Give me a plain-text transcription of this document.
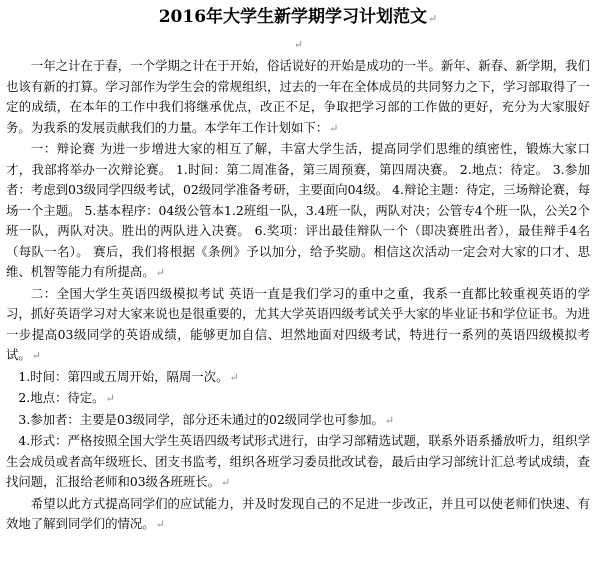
2016年大学生新学期学习计划范文↵
↵

一年之计在于春，一个学期之计在于开始，俗话说好的开始是成功的一半。新年、新春、新学期，我们也该有新的打算。学习部作为学生会的常规组织，过去的一年在全体成员的共同努力之下，学习部取得了一定的成绩，在本年的工作中我们将继承优点，改正不足，争取把学习部的工作做的更好，充分为大家服好务。为我系的发展贡献我们的力量。本学年工作计划如下：↵

一：辩论赛 为进一步增进大家的相互了解，丰富大学生活，提高同学们思维的缜密性，锻炼大家口才，我部将举办一次辩论赛。 1.时间：第二周准备，第三周预赛，第四周决赛。 2.地点：待定。 3.参加者：考虑到03级同学四级考试，02级同学准备考研，主要面向04级。 4.辩论主题：待定，三场辩论赛，每场一个主题。 5.基本程序：04级公管本1.2班组一队，3.4班一队，两队对决；公管专4个班一队，公关2个班一队，两队对决。胜出的两队进入决赛。 6.奖项：评出最佳辩队一个（即决赛胜出者），最佳辩手4名（每队一名）。 赛后，我们将根据《条例》予以加分，给予奖励。相信这次活动一定会对大家的口才、思维、机智等能力有所提高。↵

二：全国大学生英语四级模拟考试 英语一直是我们学习的重中之重，我系一直都比较重视英语的学习，抓好英语学习对大家来说也是很重要的，尤其大学英语四级考试关乎大家的毕业证书和学位证书。为进一步提高03级同学的英语成绩，能够更加自信、坦然地面对四级考试，特进行一系列的英语四级模拟考试。↵

1.时间：第四或五周开始，隔周一次。↵

2.地点：待定。↵

3.参加者：主要是03级同学，部分还未通过的02级同学也可参加。↵

4.形式：严格按照全国大学生英语四级考试形式进行，由学习部精选试题，联系外语系播放听力，组织学生会成员或者高年级班长、团支书监考，组织各班学习委员批改试卷，最后由学习部统计汇总考试成绩，查找问题，汇报给老师和03级各班班长。↵

希望以此方式提高同学们的应试能力，并及时发现自己的不足进一步改正，并且可以使老师们快速、有效地了解到同学们的情况。↵
